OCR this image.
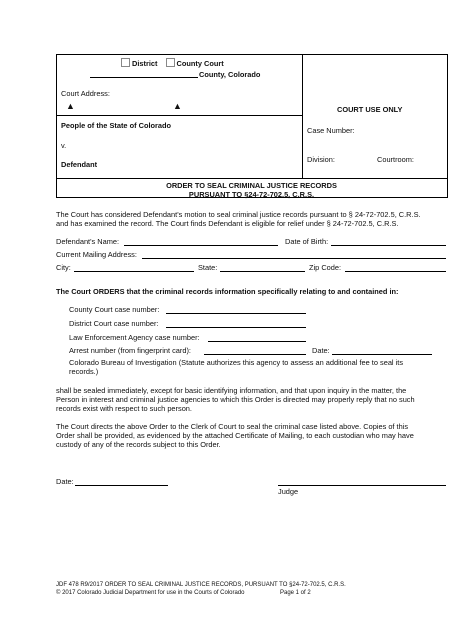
District	County Court
County, Colorado
Court Address:
▲	▲
People of the State of Colorado
v.
Defendant
COURT USE ONLY
Case Number:
Division:	Courtroom:
ORDER TO SEAL CRIMINAL JUSTICE RECORDS
PURSUANT TO §24-72-702.5, C.R.S.
The Court has considered Defendant's motion to seal criminal justice records pursuant to § 24-72-702.5, C.R.S.
and has examined the record. The Court finds Defendant is eligible for relief under § 24-72-702.5, C.R.S.
Defendant's Name:	Date of Birth:
Current Mailing Address:
City:	State:	Zip Code:
The Court ORDERS that the criminal records information specifically relating to and contained in:
County Court case number:
District Court case number:
Law Enforcement Agency case number:
Arrest number (from fingerprint card):	Date:
Colorado Bureau of Investigation (Statute authorizes this agency to assess an additional fee to seal its
records.)
shall be sealed immediately, except for basic identifying information, and that upon inquiry in the matter, the
Person in interest and criminal justice agencies to which this Order is directed may properly reply that no such
records exist with respect to such person.
The Court directs the above Order to the Clerk of Court to seal the criminal case listed above. Copies of this
Order shall be provided, as evidenced by the attached Certificate of Mailing, to each custodian who may have
custody of any of the records subject to this Order.
Date:
Judge
JDF 478 R9/2017 ORDER TO SEAL CRIMINAL JUSTICE RECORDS, PURSUANT TO §24-72-702.5, C.R.S.
© 2017 Colorado Judicial Department for use in the Courts of Colorado	Page 1 of 2
